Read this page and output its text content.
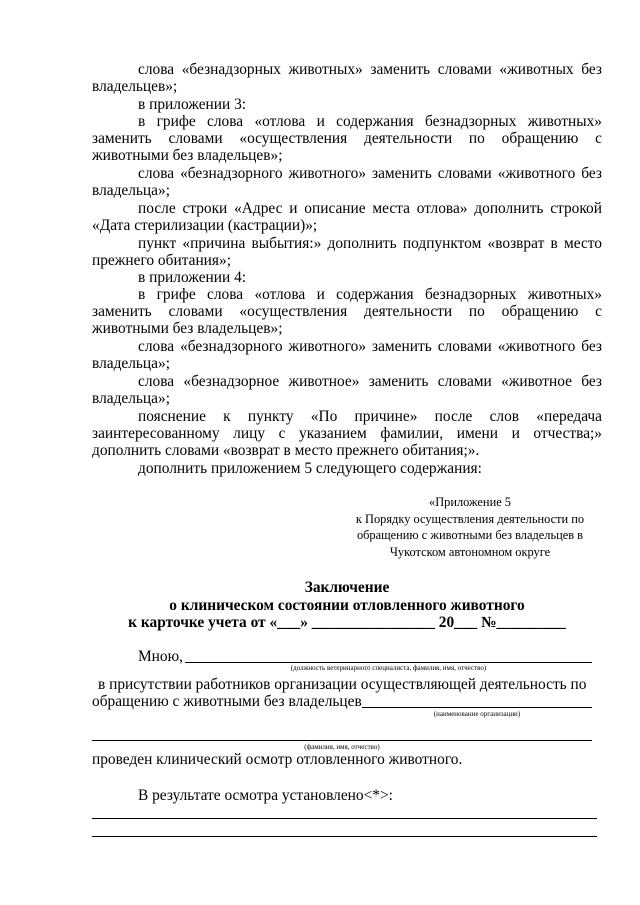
слова «безнадзорных животных» заменить словами «животных без владельцев»;

в приложении 3:

в грифе слова «отлова и содержания безнадзорных животных» заменить словами «осуществления деятельности по обращению с животными без владельцев»;

слова «безнадзорного животного» заменить словами «животного без владельца»;

после строки «Адрес и описание места отлова» дополнить строкой «Дата стерилизации (кастрации)»;

пункт «причина выбытия:» дополнить подпунктом «возврат в место прежнего обитания»;

в приложении 4:

в грифе слова «отлова и содержания безнадзорных животных» заменить словами «осуществления деятельности по обращению с животными без владельцев»;

слова «безнадзорного животного» заменить словами «животного без владельца»;

слова «безнадзорное животное» заменить словами «животное без владельца»;

пояснение к пункту «По причине» после слов «передача заинтересованному лицу с указанием фамилии, имени и отчества;» дополнить словами «возврат в место прежнего обитания;».

дополнить приложением 5 следующего содержания:

«Приложение 5
к Порядку осуществления деятельности по
обращению с животными без владельцев в
Чукотском автономном округе
Заключение
о клиническом состоянии отловленного животного
к карточке учета от «___» ________________ 20___ №_________
Мною,
(должность ветеринарного специалиста, фамилия, имя, отчество)

в присутствии работников организации осуществляющей деятельность по

обращению с животными без владельцев
(наименование организации)
(фамилия, имя, отчество)
проведен клинический осмотр отловленного животного.
В результате осмотра установлено<*>:
